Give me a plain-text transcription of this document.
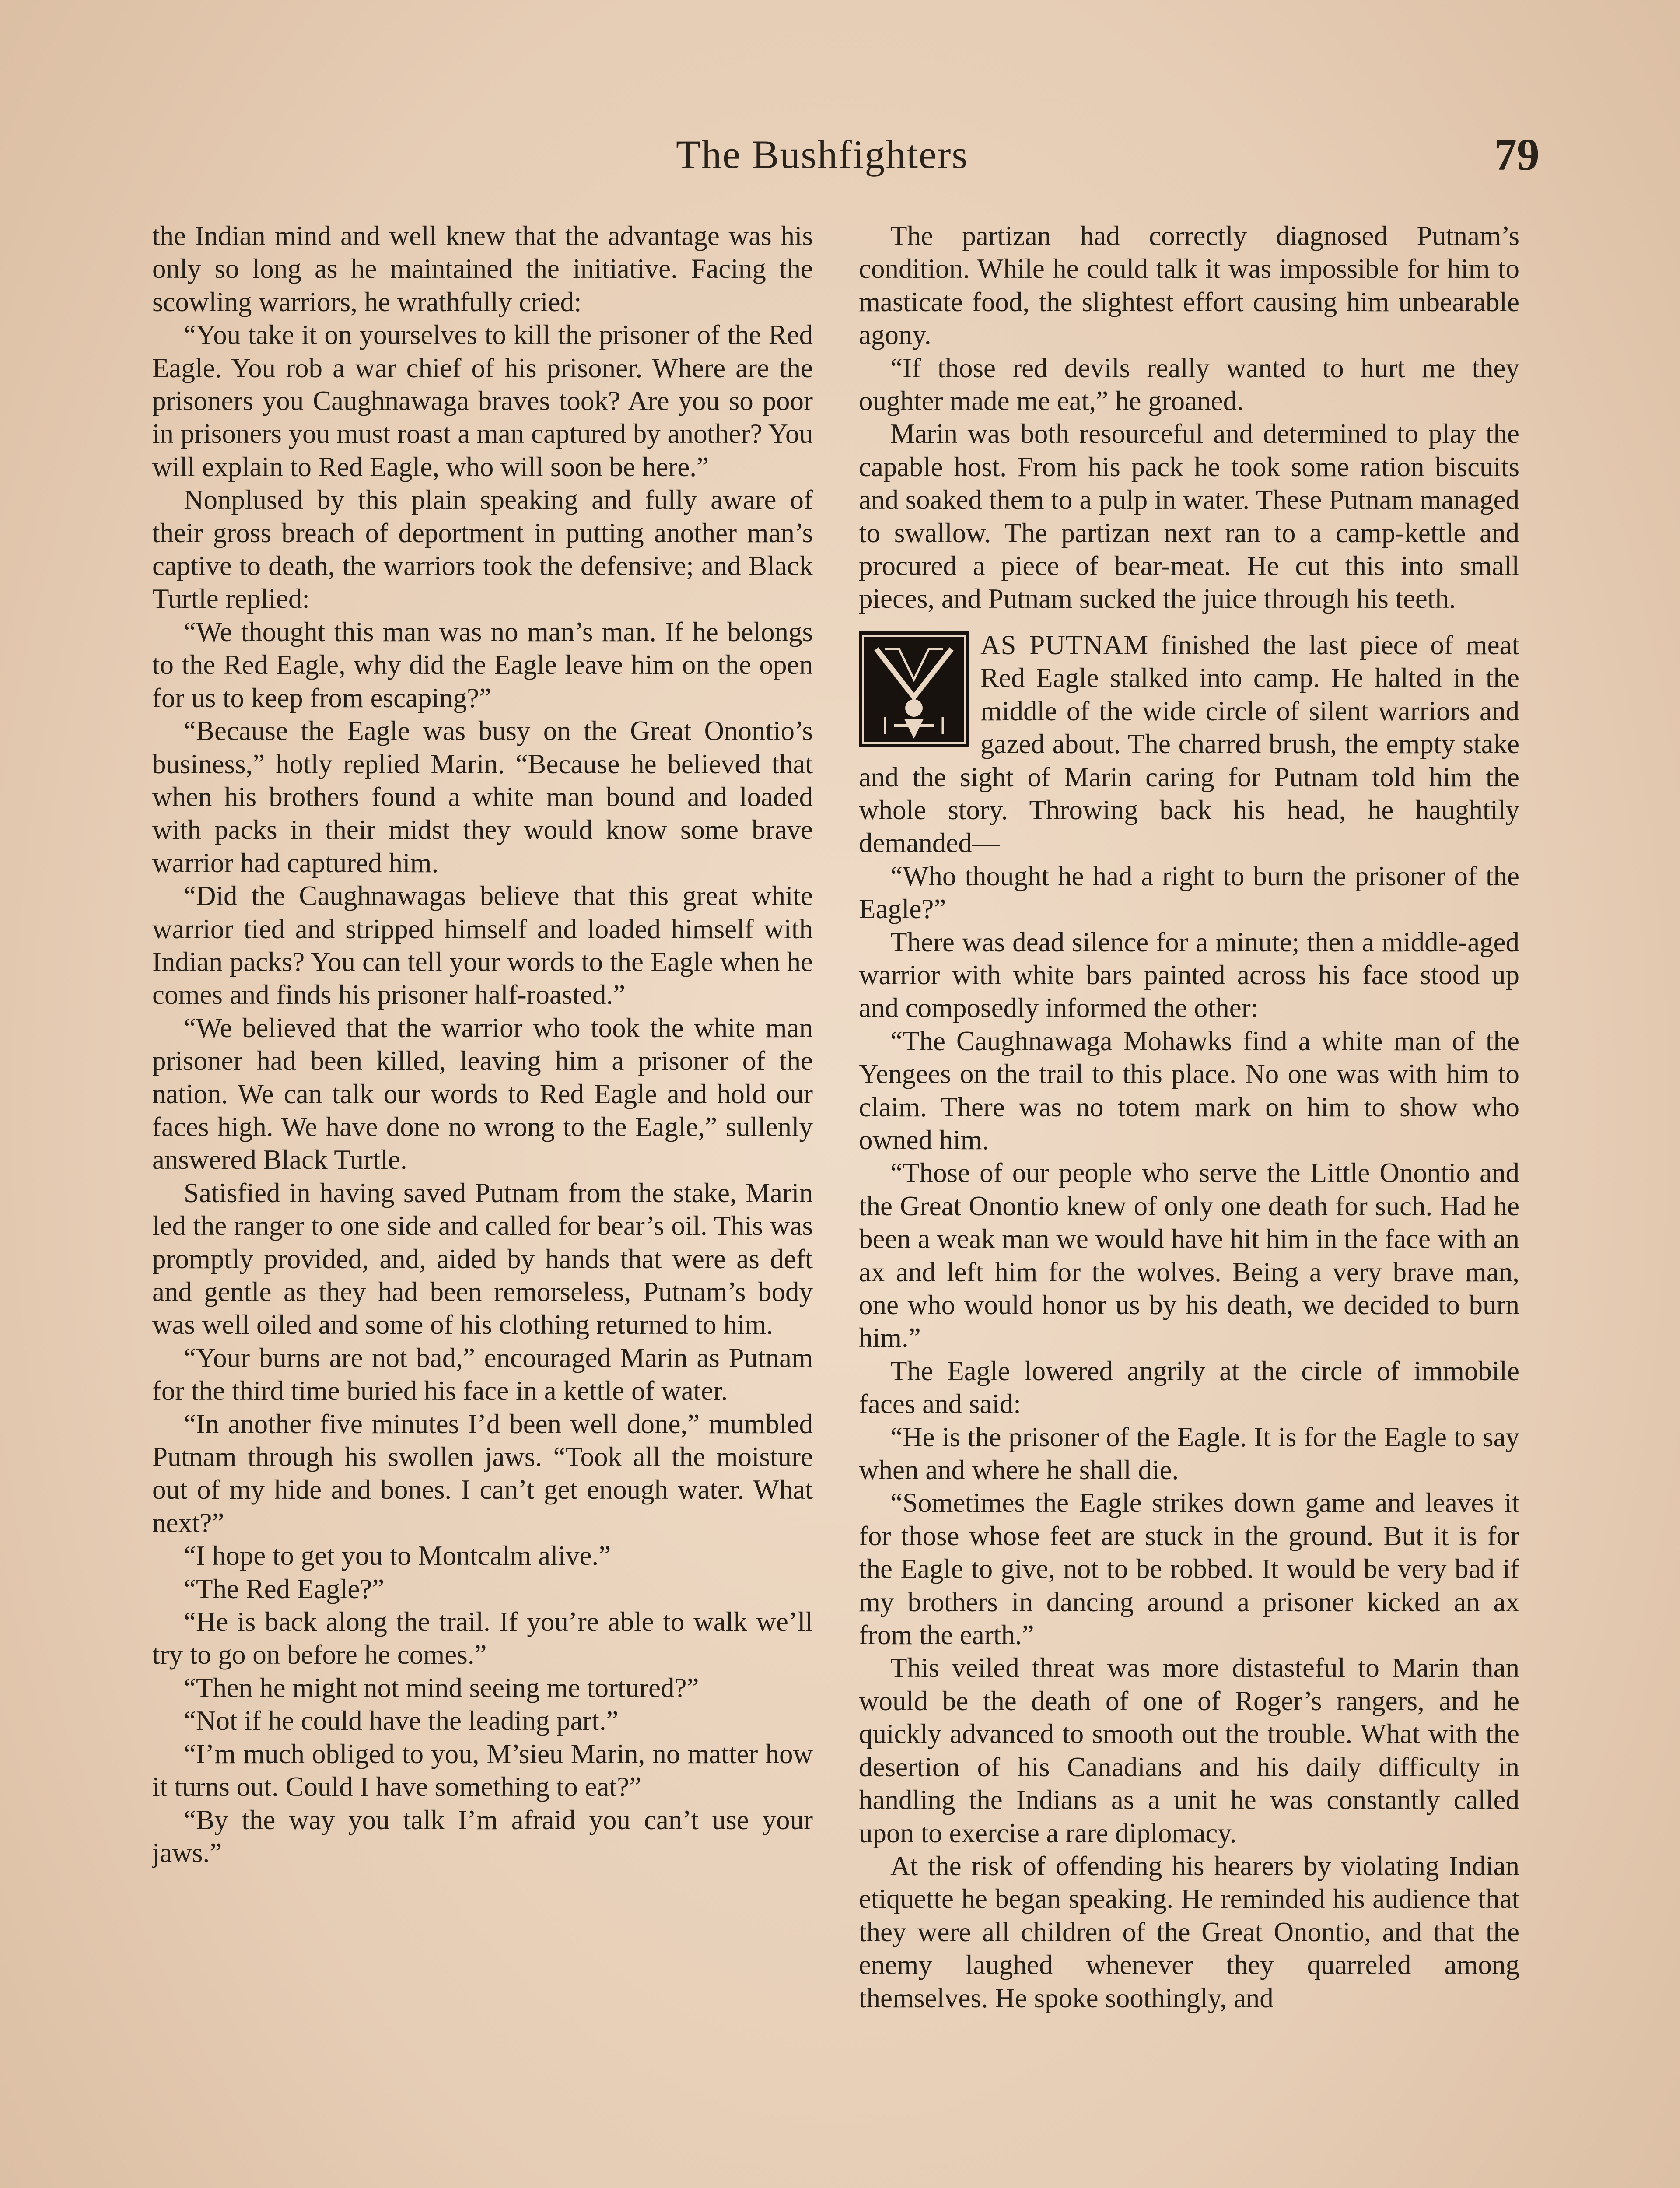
The Bushfighters	79

the Indian mind and well knew that the advantage was his only so long as he maintained the initiative. Facing the scowling warriors, he wrathfully cried:

“You take it on yourselves to kill the prisoner of the Red Eagle. You rob a war chief of his prisoner. Where are the prisoners you Caughnawaga braves took? Are you so poor in prisoners you must roast a man captured by another? You will explain to Red Eagle, who will soon be here.”

Nonplused by this plain speaking and fully aware of their gross breach of deportment in putting another man’s captive to death, the warriors took the defensive; and Black Turtle replied:

“We thought this man was no man’s man. If he belongs to the Red Eagle, why did the Eagle leave him on the open for us to keep from escaping?”

“Because the Eagle was busy on the Great Onontio’s business,” hotly replied Marin. “Because he believed that when his brothers found a white man bound and loaded with packs in their midst they would know some brave warrior had captured him.

“Did the Caughnawagas believe that this great white warrior tied and stripped himself and loaded himself with Indian packs? You can tell your words to the Eagle when he comes and finds his prisoner half-roasted.”

“We believed that the warrior who took the white man prisoner had been killed, leaving him a prisoner of the nation. We can talk our words to Red Eagle and hold our faces high. We have done no wrong to the Eagle,” sullenly answered Black Turtle.

Satisfied in having saved Putnam from the stake, Marin led the ranger to one side and called for bear’s oil. This was promptly provided, and, aided by hands that were as deft and gentle as they had been remorseless, Putnam’s body was well oiled and some of his clothing returned to him.

“Your burns are not bad,” encouraged Marin as Putnam for the third time buried his face in a kettle of water.

“In another five minutes I’d been well done,” mumbled Putnam through his swollen jaws. “Took all the moisture out of my hide and bones. I can’t get enough water. What next?”

“I hope to get you to Montcalm alive.”

“The Red Eagle?”

“He is back along the trail. If you’re able to walk we’ll try to go on before he comes.”

“Then he might not mind seeing me tortured?”

“Not if he could have the leading part.”

“I’m much obliged to you, M’sieu Marin, no matter how it turns out. Could I have something to eat?”

“By the way you talk I’m afraid you can’t use your jaws.”

The partizan had correctly diagnosed Putnam’s condition. While he could talk it was impossible for him to masticate food, the slightest effort causing him unbearable agony.

“If those red devils really wanted to hurt me they oughter made me eat,” he groaned.

Marin was both resourceful and determined to play the capable host. From his pack he took some ration biscuits and soaked them to a pulp in water. These Putnam managed to swallow. The partizan next ran to a camp-kettle and procured a piece of bear-meat. He cut this into small pieces, and Putnam sucked the juice through his teeth.

AS PUTNAM finished the last piece of meat Red Eagle stalked into camp. He halted in the middle of the wide circle of silent warriors and gazed about. The charred brush, the empty stake and the sight of Marin caring for Putnam told him the whole story. Throwing back his head, he haughtily demanded—

“Who thought he had a right to burn the prisoner of the Eagle?”

There was dead silence for a minute; then a middle-aged warrior with white bars painted across his face stood up and composedly informed the other:

“The Caughnawaga Mohawks find a white man of the Yengees on the trail to this place. No one was with him to claim. There was no totem mark on him to show who owned him.

“Those of our people who serve the Little Onontio and the Great Onontio knew of only one death for such. Had he been a weak man we would have hit him in the face with an ax and left him for the wolves. Being a very brave man, one who would honor us by his death, we decided to burn him.”

The Eagle lowered angrily at the circle of immobile faces and said:

“He is the prisoner of the Eagle. It is for the Eagle to say when and where he shall die.

“Sometimes the Eagle strikes down game and leaves it for those whose feet are stuck in the ground. But it is for the Eagle to give, not to be robbed. It would be very bad if my brothers in dancing around a prisoner kicked an ax from the earth.”

This veiled threat was more distasteful to Marin than would be the death of one of Roger’s rangers, and he quickly advanced to smooth out the trouble. What with the desertion of his Canadians and his daily difficulty in handling the Indians as a unit he was constantly called upon to exercise a rare diplomacy.

At the risk of offending his hearers by violating Indian etiquette he began speaking. He reminded his audience that they were all children of the Great Onontio, and that the enemy laughed whenever they quarreled among themselves. He spoke soothingly, and
